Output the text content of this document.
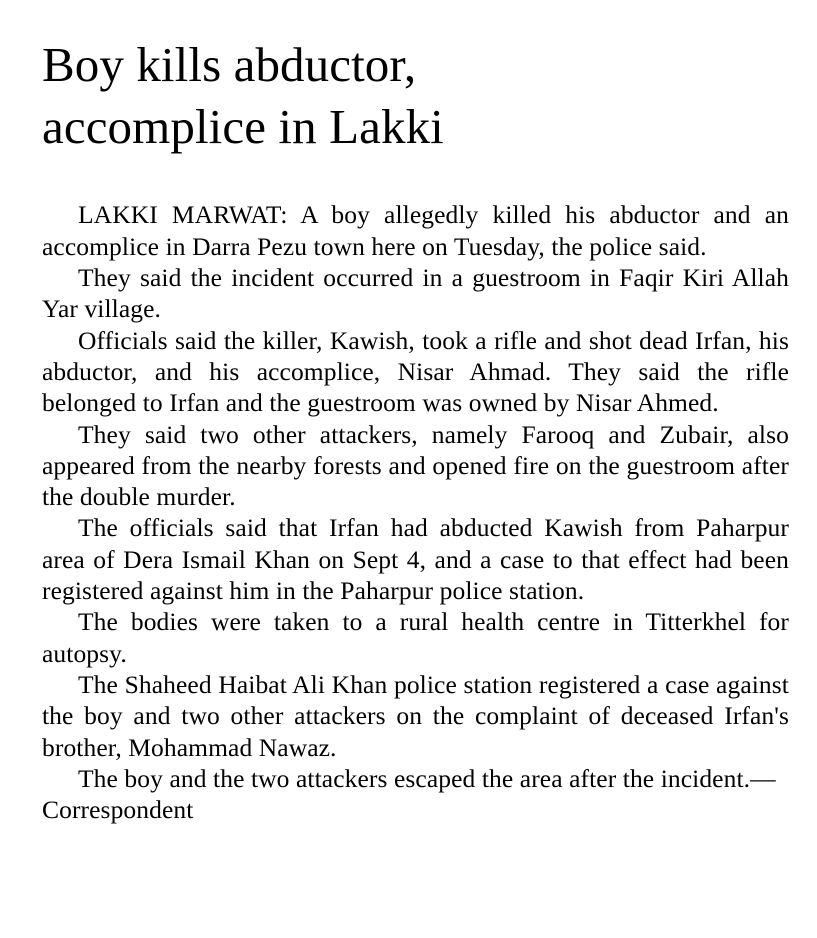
Boy kills abductor,
accomplice in Lakki

LAKKI MARWAT: A boy allegedly killed his abductor and an accomplice in Darra Pezu town here on Tuesday, the police said.

They said the incident occurred in a guestroom in Faqir Kiri Allah Yar village.

Officials said the killer, Kawish, took a rifle and shot dead Irfan, his abductor, and his accomplice, Nisar Ahmad. They said the rifle belonged to Irfan and the guestroom was owned by Nisar Ahmed.

They said two other attackers, namely Farooq and Zubair, also appeared from the nearby forests and opened fire on the guestroom after the double murder.

The officials said that Irfan had abducted Kawish from Paharpur area of Dera Ismail Khan on Sept 4, and a case to that effect had been registered against him in the Paharpur police station.

The bodies were taken to a rural health centre in Titterkhel for autopsy.

The Shaheed Haibat Ali Khan police station registered a case against the boy and two other attackers on the complaint of deceased Irfan's brother, Mohammad Nawaz.

The boy and the two attackers escaped the area after the incident.—Correspondent
